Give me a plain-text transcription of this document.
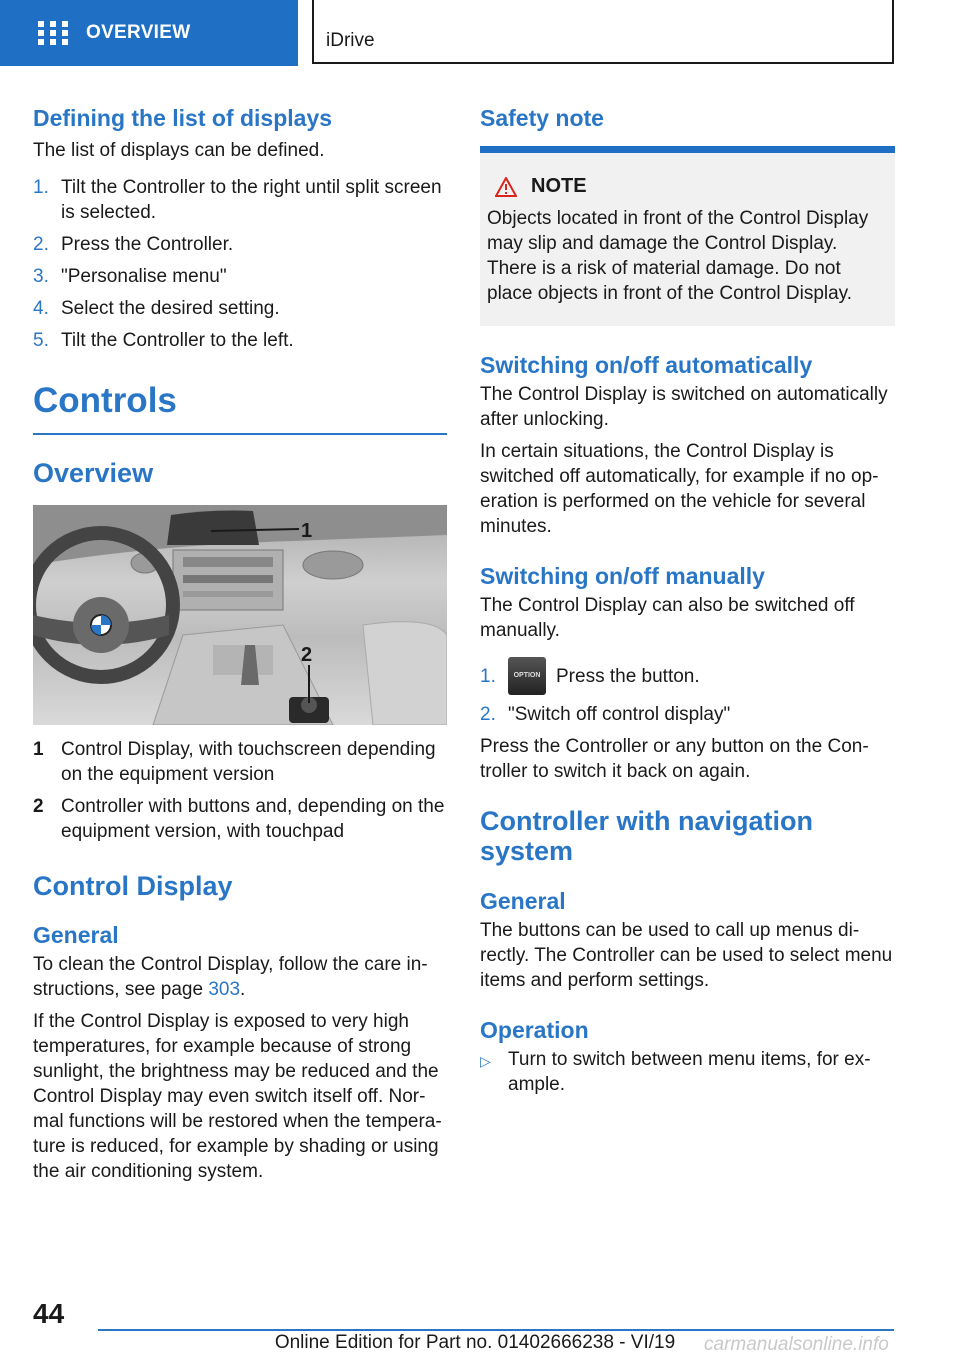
OVERVIEW	iDrive
Defining the list of displays

The list of displays can be defined.

1. Tilt the Controller to the right until split screen is selected.
2. Press the Controller.
3. "Personalise menu"
4. Select the desired setting.
5. Tilt the Controller to the left.
Controls
Overview
1
2
1 Control Display, with touchscreen depending on the equipment version
2 Controller with buttons and, depending on the equipment version, with touchpad
Control Display
General

To clean the Control Display, follow the care in‐structions, see page 303.

If the Control Display is exposed to very high temperatures, for example because of strong sunlight, the brightness may be reduced and the Control Display may even switch itself off. Nor‐mal functions will be restored when the tempera‐ture is reduced, for example by shading or using the air conditioning system.

Safety note
NOTE

Objects located in front of the Control Display may slip and damage the Control Display. There is a risk of material damage. Do not place objects in front of the Control Display.

Switching on/off automatically

The Control Display is switched on automatically after unlocking.

In certain situations, the Control Display is switched off automatically, for example if no op‐eration is performed on the vehicle for several minutes.

Switching on/off manually

The Control Display can also be switched off manually.

1.	OPTION Press the button.
2. "Switch off control display"

Press the Controller or any button on the Con‐troller to switch it back on again.

Controller with navigation system
General

The buttons can be used to call up menus di‐rectly. The Controller can be used to select menu items and perform settings.

Operation
▷ Turn to switch between menu items, for ex‐ample.
44
Online Edition for Part no. 01402666238 - VI/19	carmanualsonline.info
